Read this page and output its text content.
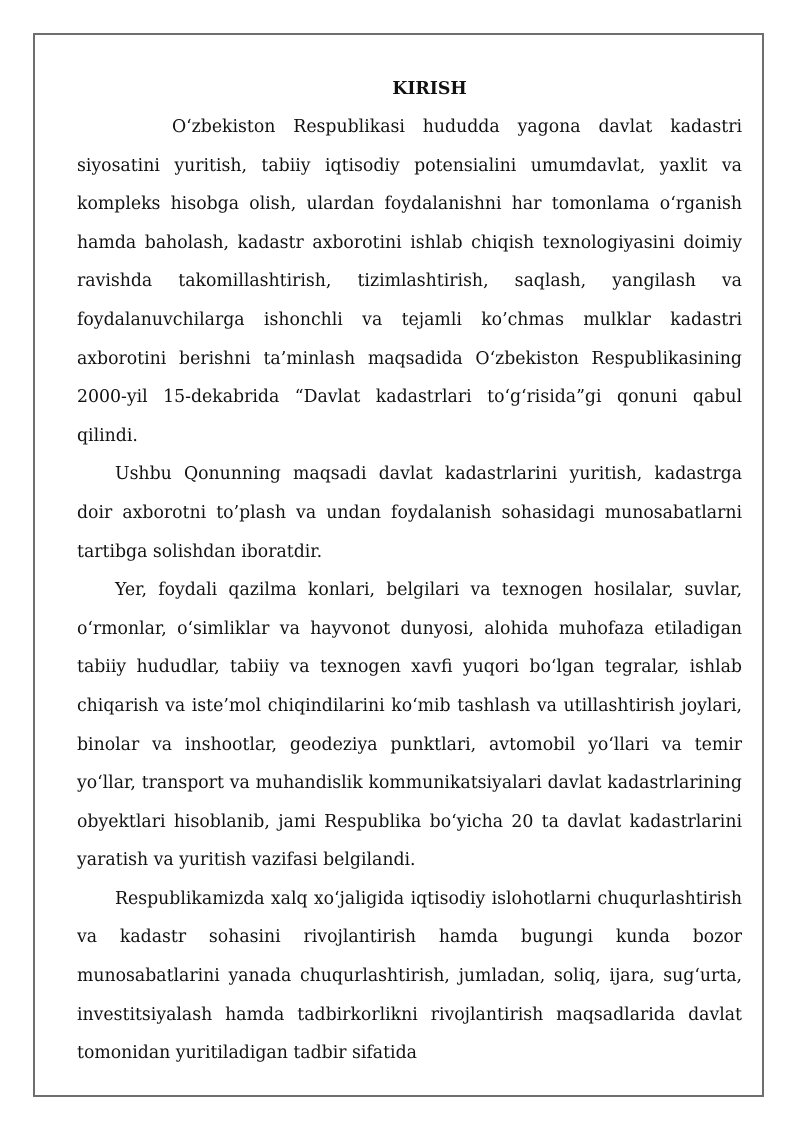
KIRISH

O‘zbekiston Respublikasi hududda yagona davlat kadastri siyosatini yuritish, tabiiy iqtisodiy potensialini umumdavlat, yaxlit va kompleks hisobga olish, ulardan foydalanishni har tomonlama o‘rganish hamda baholash, kadastr axborotini ishlab chiqish texnologiyasini doimiy ravishda takomillashtirish, tizimlashtirish, saqlash, yangilash va foydalanuvchilarga ishonchli va tejamli ko’chmas mulklar kadastri axborotini berishni ta’minlash maqsadida O‘zbekiston Respublikasining 2000-yil 15-dekabrida “Davlat kadastrlari to‘g‘risida”gi qonuni qabul qilindi.

Ushbu Qonunning maqsadi davlat kadastrlarini yuritish, kadastrga doir axborotni to’plash va undan foydalanish sohasidagi munosabatlarni tartibga solishdan iboratdir.

Yer, foydali qazilma konlari, belgilari va texnogen hosilalar, suvlar, o‘rmonlar, o‘simliklar va hayvonot dunyosi, alohida muhofaza etiladigan tabiiy hududlar, tabiiy va texnogen xavfi yuqori bo‘lgan tegralar, ishlab chiqarish va iste’mol chiqindilarini ko‘mib tashlash va utillashtirish joylari, binolar va inshootlar, geodeziya punktlari, avtomobil yo‘llari va temir yo‘llar, transport va muhandislik kommunikatsiyalari davlat kadastrlarining obyektlari hisoblanib, jami Respublika bo‘yicha 20 ta davlat kadastrlarini yaratish va yuritish vazifasi belgilandi.

Respublikamizda xalq xo‘jaligida iqtisodiy islohotlarni chuqurlashtirish va kadastr sohasini rivojlantirish hamda bugungi kunda bozor munosabatlarini yanada chuqurlashtirish, jumladan, soliq, ijara, sug‘urta, investitsiyalash hamda tadbirkorlikni rivojlantirish maqsadlarida davlat tomonidan yuritiladigan tadbir sifatida
